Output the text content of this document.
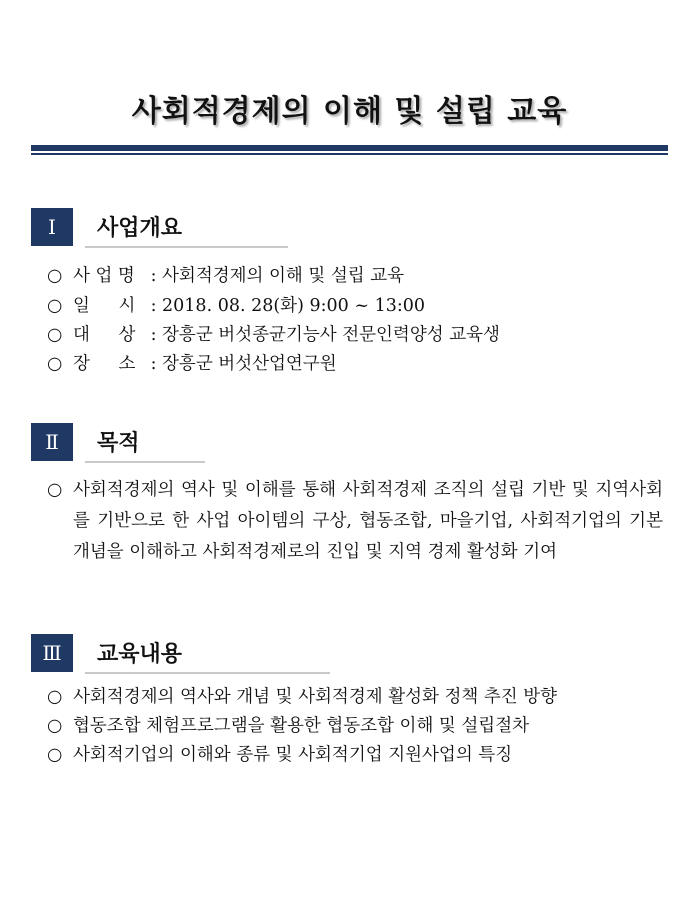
사회적경제의 이해 및 설립 교육
Ⅰ	사업개요
○ 사 업 명 : 사회적경제의 이해 및 설립 교육
○ 일 　 시 : 2018. 08. 28(화) 9:00 ~ 13:00
○ 대 　 상 : 장흥군 버섯종균기능사 전문인력양성 교육생
○ 장 　 소 : 장흥군 버섯산업연구원
Ⅱ	목적
○ 사회적경제의 역사 및 이해를 통해 사회적경제 조직의 설립 기반 및 지역사회를 기반으로 한 사업 아이템의 구상, 협동조합, 마을기업, 사회적기업의 기본개념을 이해하고 사회적경제로의 진입 및 지역 경제 활성화 기여
Ⅲ	교육내용
○ 사회적경제의 역사와 개념 및 사회적경제 활성화 정책 추진 방향
○ 협동조합 체험프로그램을 활용한 협동조합 이해 및 설립절차
○ 사회적기업의 이해와 종류 및 사회적기업 지원사업의 특징
